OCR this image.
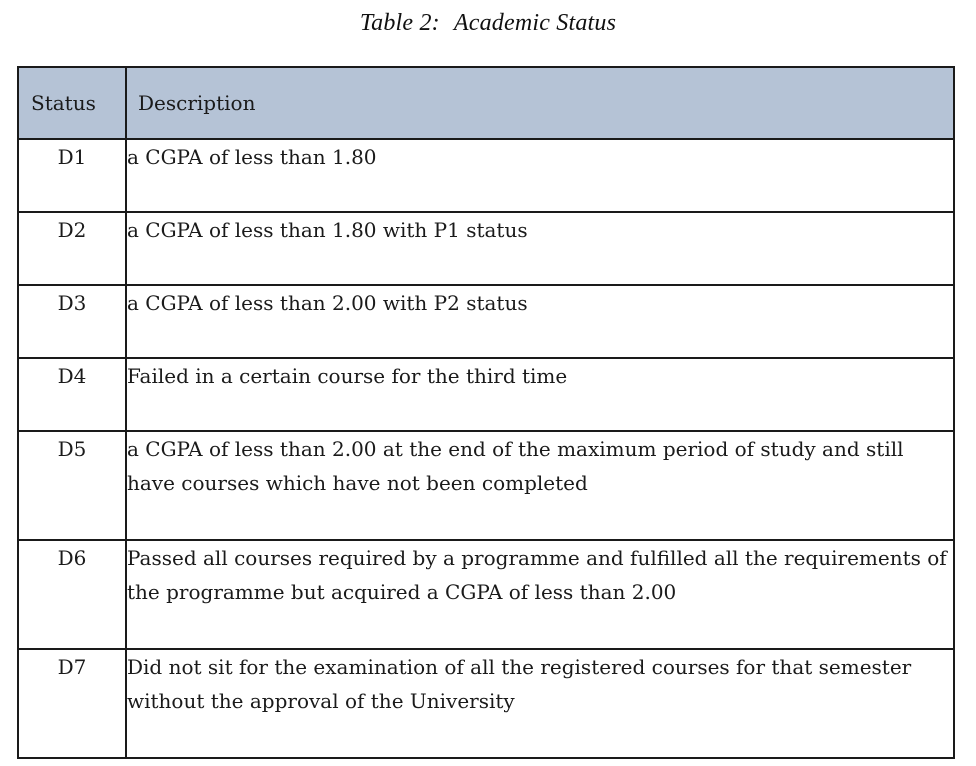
Table 2: Academic Status
Status	Description
D1	a CGPA of less than 1.80
D2	a CGPA of less than 1.80 with P1 status
D3	a CGPA of less than 2.00 with P2 status
D4	Failed in a certain course for the third time
D5	a CGPA of less than 2.00 at the end of the maximum period of study and still have courses which have not been completed
D6	Passed all courses required by a programme and fulfilled all the requirements of the programme but acquired a CGPA of less than 2.00
D7	Did not sit for the examination of all the registered courses for that semester without the approval of the University
